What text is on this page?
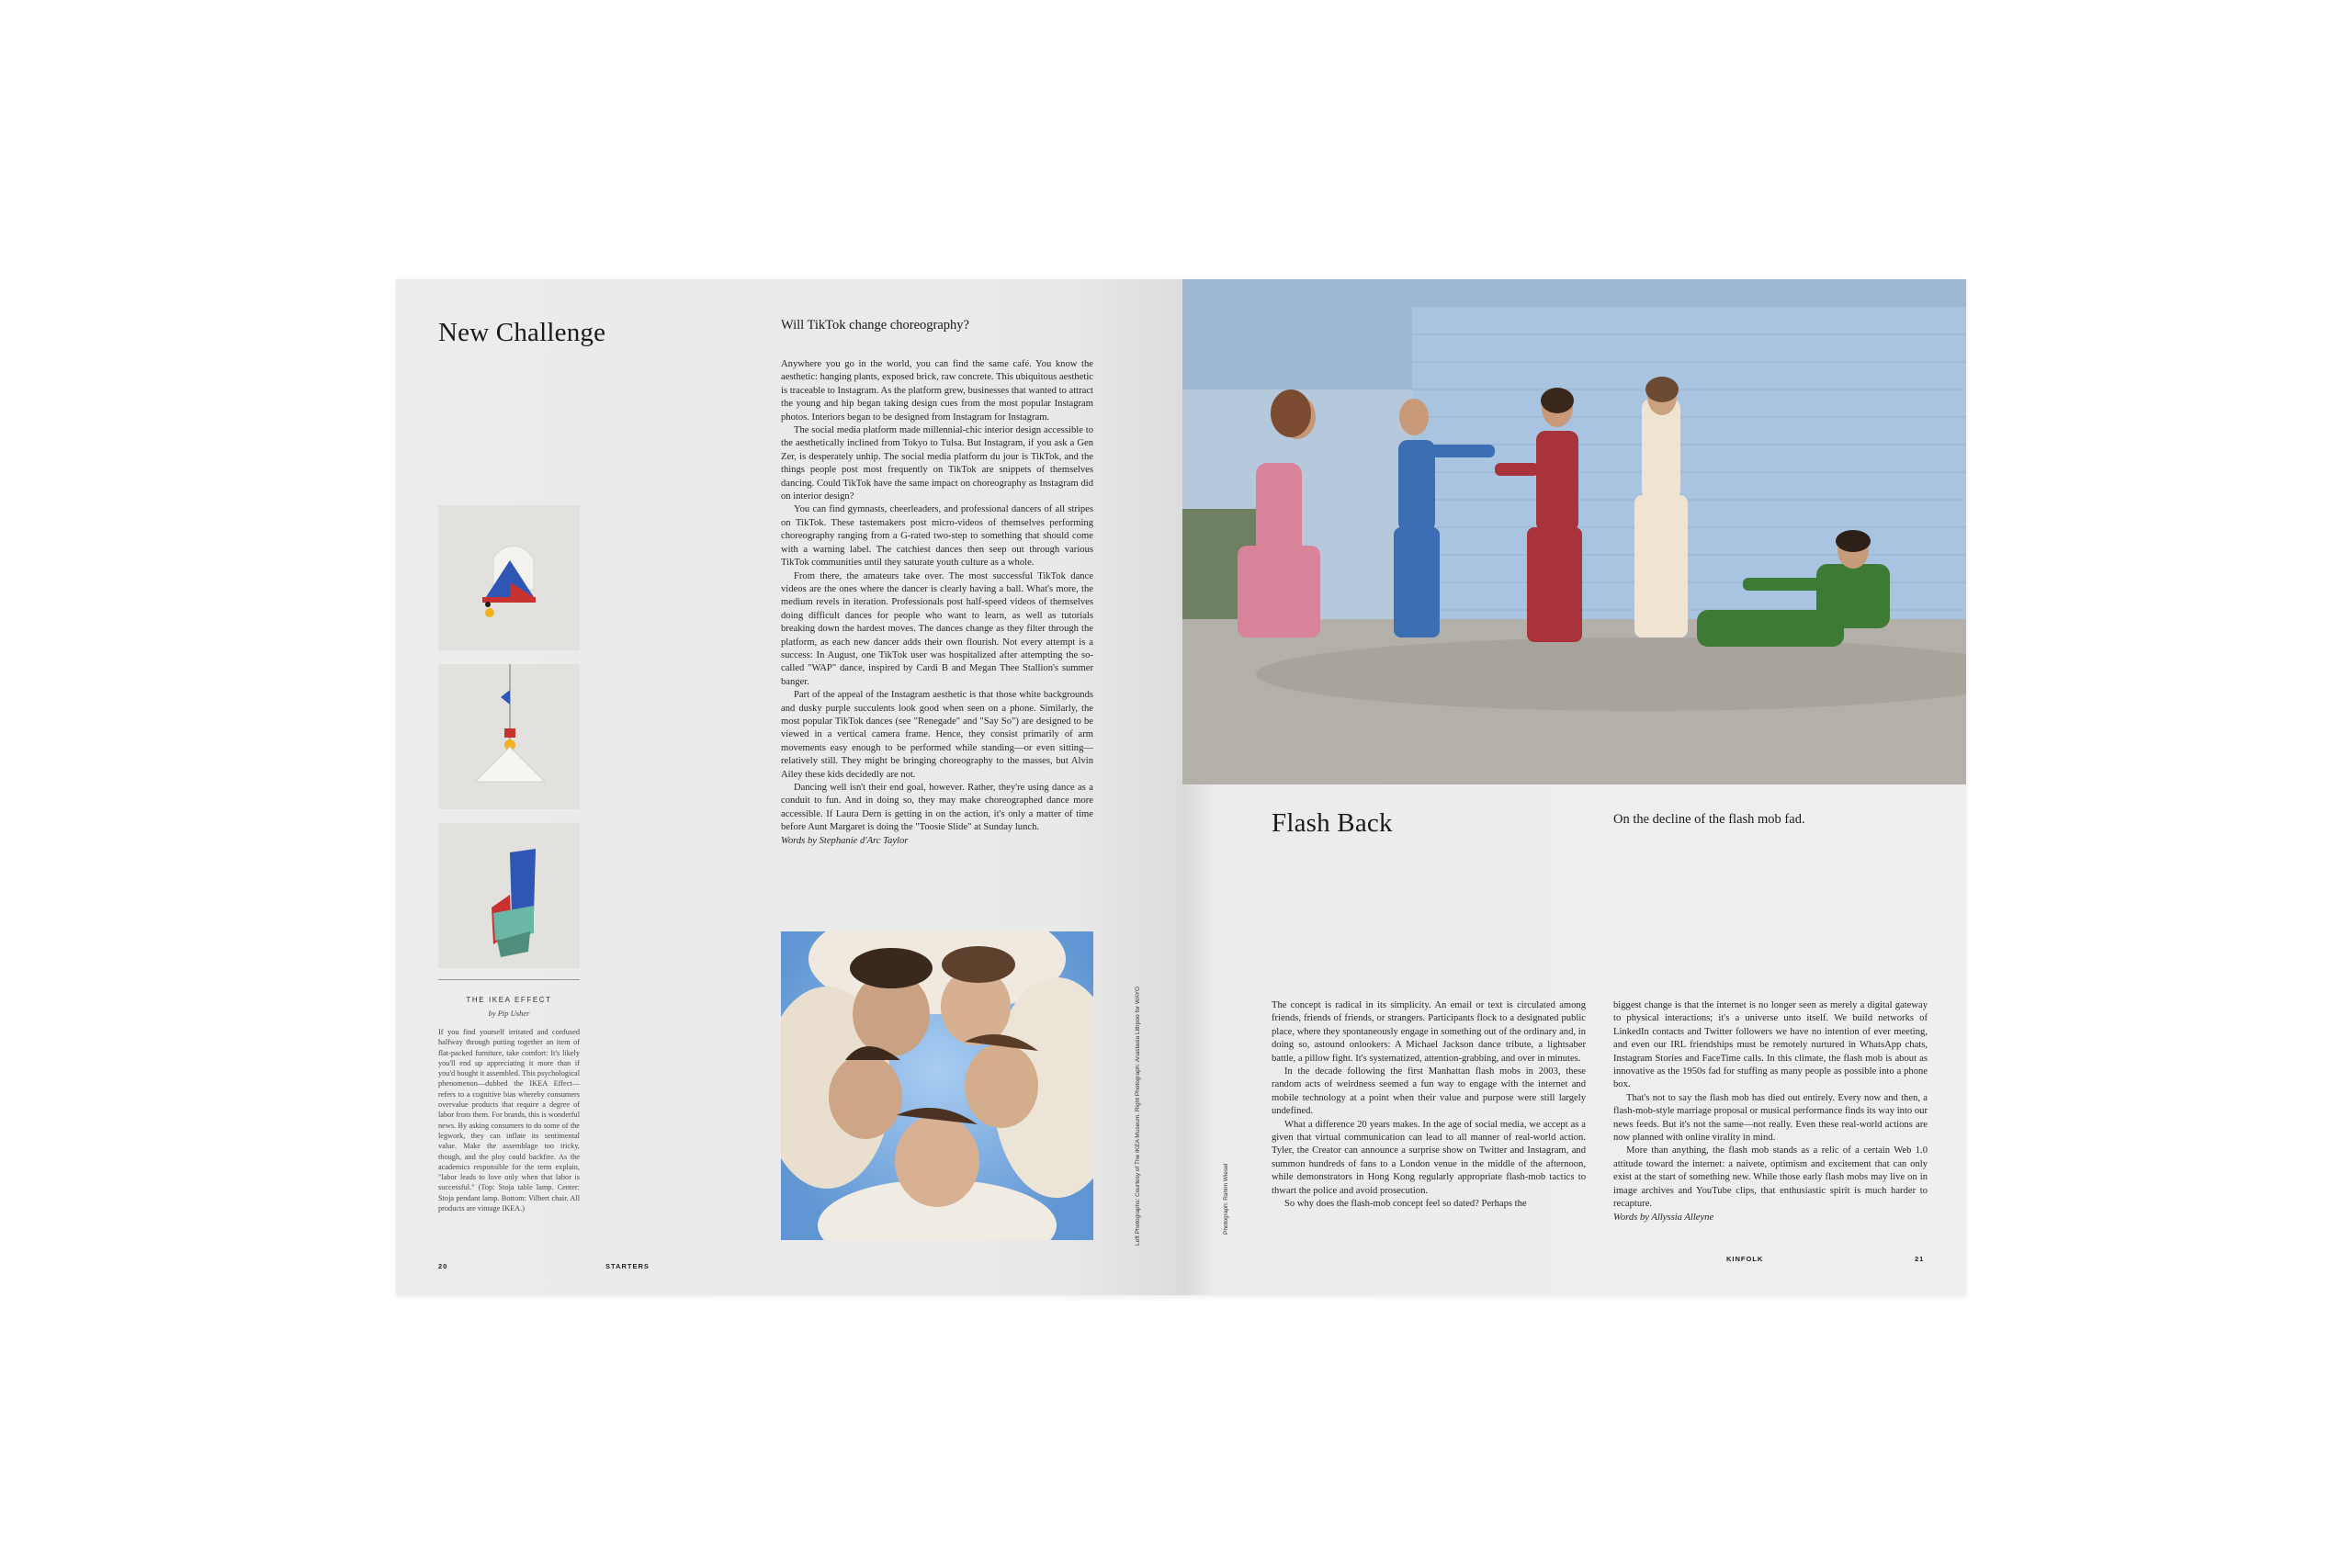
New Challenge	Will TikTok change choreography?

Anywhere you go in the world, you can find the same café. You know the aesthetic: hanging plants, exposed brick, raw concrete. This ubiquitous aesthetic is traceable to Instagram. As the platform grew, businesses that wanted to attract the young and hip began taking design cues from the most popular Instagram photos. Interiors began to be designed from Instagram for Instagram.

The social media platform made millennial-chic interior design accessible to the aesthetically inclined from Tokyo to Tulsa. But Instagram, if you ask a Gen Zer, is desperately unhip. The social media platform du jour is TikTok, and the things people post most frequently on TikTok are snippets of themselves dancing. Could TikTok have the same impact on choreography as Instagram did on interior design?

You can find gymnasts, cheerleaders, and professional dancers of all stripes on TikTok. These tastemakers post micro-videos of themselves performing choreography ranging from a G-rated two-step to something that should come with a warning label. The catchiest dances then seep out through various TikTok communities until they saturate youth culture as a whole.

From there, the amateurs take over. The most successful TikTok dance videos are the ones where the dancer is clearly having a ball. What's more, the medium revels in iteration. Professionals post half-speed videos of themselves doing difficult dances for people who want to learn, as well as tutorials breaking down the hardest moves. The dances change as they filter through the platform, as each new dancer adds their own flourish. Not every attempt is a success: In August, one TikTok user was hospitalized after attempting the so-called "WAP" dance, inspired by Cardi B and Megan Thee Stallion's summer banger.

Part of the appeal of the Instagram aesthetic is that those white backgrounds and dusky purple succulents look good when seen on a phone. Similarly, the most popular TikTok dances (see "Renegade" and "Say So") are designed to be viewed in a vertical camera frame. Hence, they consist primarily of arm movements easy enough to be performed while standing—or even sitting—relatively still. They might be bringing choreography to the masses, but Alvin Ailey these kids decidedly are not.

Dancing well isn't their end goal, however. Rather, they're using dance as a conduit to fun. And in doing so, they may make choreographed dance more accessible. If Laura Dern is getting in on the action, it's only a matter of time before Aunt Margaret is doing the "Toosie Slide" at Sunday lunch.

Words by Stephanie d'Arc Taylor

THE IKEA EFFECT
by Pip Usher
If you find yourself irritated and confused halfway through putting together an item of flat-packed furniture, take comfort: It's likely you'll end up appreciating it more than if you'd bought it assembled. This psychological phenomenon—dubbed the IKEA Effect—refers to a cognitive bias whereby consumers overvalue products that require a degree of labor from them. For brands, this is wonderful news. By asking consumers to do some of the legwork, they can inflate its sentimental value. Make the assemblage too tricky, though, and the ploy could backfire. As the academics responsible for the term explain, "labor leads to love only when that labor is successful." (Top: Stoja table lamp. Center: Stoja pendant lamp. Bottom: Vilbert chair. All products are vintage IKEA.)	Left Photographs: Courtesy of The IKEA Museum. Right Photograph: Anastasia Littrpoo for WAYO
20	STARTERS
Flash Back	On the decline of the flash mob fad.

The concept is radical in its simplicity. An email or text is circulated among friends, friends of friends, or strangers. Participants flock to a designated public place, where they spontaneously engage in something out of the ordinary and, in doing so, astound onlookers: A Michael Jackson dance tribute, a lightsaber battle, a pillow fight. It's systematized, attention-grabbing, and over in minutes.

In the decade following the first Manhattan flash mobs in 2003, these random acts of weirdness seemed a fun way to engage with the internet and mobile technology at a point when their value and purpose were still largely undefined.

What a difference 20 years makes. In the age of social media, we accept as a given that virtual communication can lead to all manner of real-world action. Tyler, the Creator can announce a surprise show on Twitter and Instagram, and summon hundreds of fans to a London venue in the middle of the afternoon, while demonstrators in Hong Kong regularly appropriate flash-mob tactics to thwart the police and avoid prosecution.

So why does the flash-mob concept feel so dated? Perhaps the

biggest change is that the internet is no longer seen as merely a digital gateway to physical interactions; it's a universe unto itself. We build networks of LinkedIn contacts and Twitter followers we have no intention of ever meeting, and even our IRL friendships must be remotely nurtured in WhatsApp chats, Instagram Stories and FaceTime calls. In this climate, the flash mob is about as innovative as the 1950s fad for stuffing as many people as possible into a phone box.

That's not to say the flash mob has died out entirely. Every now and then, a flash-mob-style marriage proposal or musical performance finds its way into our news feeds. But it's not the same—not really. Even these real-world actions are now planned with online virality in mind.

More than anything, the flash mob stands as a relic of a certain Web 1.0 attitude toward the internet: a naivete, optimism and excitement that can only exist at the start of something new. While those early flash mobs may live on in image archives and YouTube clips, that enthusiastic spirit is much harder to recapture.

Words by Allyssia Alleyne

Photograph: Rahim Wiesel
KINFOLK	21
